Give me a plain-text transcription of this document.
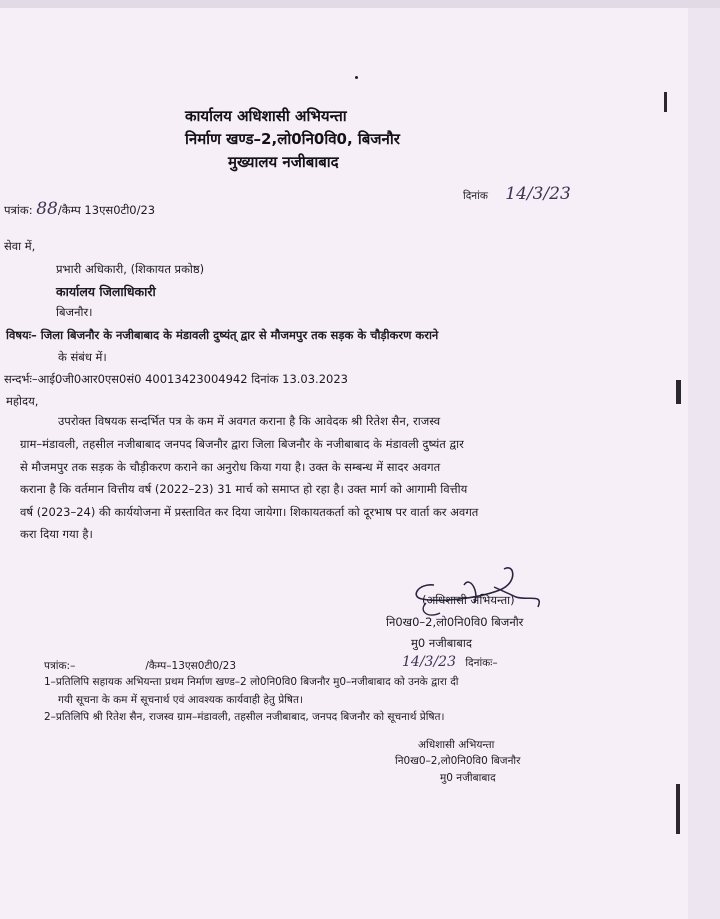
कार्यालय अधिशासी अभियन्ता
निर्माण खण्ड–2,लो0नि0वि0, बिजनौर
मुख्यालय नजीबाबाद
पत्रांक: 88/कैम्प 13एस0टी0/23
दिनांक 14/3/23
सेवा में,
प्रभारी अधिकारी, (शिकायत प्रकोष्ठ)
कार्यालय जिलाधिकारी
बिजनौर।
विषयः– जिला बिजनौर के नजीबाबाद के मंडावली दुष्यंत् द्वार से मौजमपुर तक सड़क के चौड़ीकरण कराने
के संबंध में।
सन्दर्भः–आई0जी0आर0एस0सं0 40013423004942 दिनांक 13.03.2023
महोदय,
उपरोक्त विषयक सन्दर्भित पत्र के कम में अवगत कराना है कि आवेदक श्री रितेश सैन, राजस्व
ग्राम–मंडावली, तहसील नजीबाबाद जनपद बिजनौर द्वारा जिला बिजनौर के नजीबाबाद के मंडावली दुष्यंत द्वार
से मौजमपुर तक सड़क के चौड़ीकरण कराने का अनुरोध किया गया है। उक्त के सम्बन्ध में सादर अवगत
कराना है कि वर्तमान वित्तीय वर्ष (2022–23) 31 मार्च को समाप्त हो रहा है। उक्त मार्ग को आगामी वित्तीय
वर्ष (2023–24) की कार्ययोजना में प्रस्तावित कर दिया जायेगा। शिकायतकर्ता को दूरभाष पर वार्ता कर अवगत
करा दिया गया है।
(अधिशासी अभियन्ता)
नि0ख0–2,लो0नि0वि0 बिजनौर
मु0 नजीबाबाद
पत्रांक:–	/कैम्प–13एस0टी0/23	14/3/23 दिनांकः–
1–प्रतिलिपि सहायक अभियन्ता प्रथम निर्माण खण्ड–2 लो0नि0वि0 बिजनौर मु0–नजीबाबाद को उनके द्वारा दी
गयी सूचना के कम में सूचनार्थ एवं आवश्यक कार्यवाही हेतु प्रेषित।
2–प्रतिलिपि श्री रितेश सैन, राजस्व ग्राम–मंडावली, तहसील नजीबाबाद, जनपद बिजनौर को सूचनार्थ प्रेषित।
अधिशासी अभियन्ता
नि0ख0–2,लो0नि0वि0 बिजनौर
मु0 नजीबाबाद
